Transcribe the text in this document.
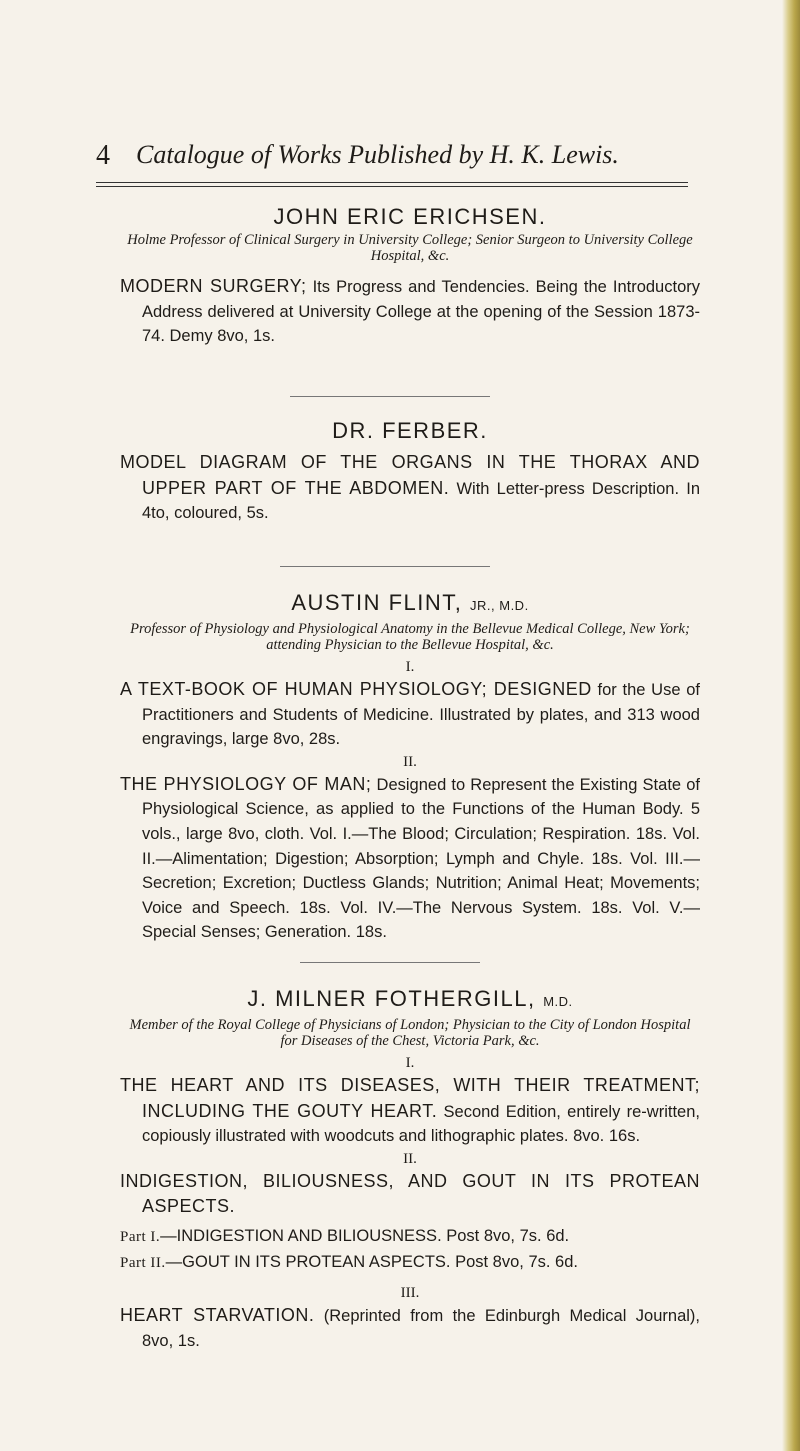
4 Catalogue of Works Published by H. K. Lewis.

JOHN ERIC ERICHSEN.

Holme Professor of Clinical Surgery in University College; Senior Surgeon to University College Hospital, &c.

MODERN SURGERY; Its Progress and Tendencies. Being the Introductory Address delivered at University College at the opening of the Session 1873-74. Demy 8vo, 1s.

DR. FERBER.

MODEL DIAGRAM OF THE ORGANS IN THE THORAX AND UPPER PART OF THE ABDOMEN. With Letter-press Description. In 4to, coloured, 5s.

AUSTIN FLINT, JR., M.D.

Professor of Physiology and Physiological Anatomy in the Bellevue Medical College, New York; attending Physician to the Bellevue Hospital, &c.

I.

A TEXT-BOOK OF HUMAN PHYSIOLOGY; DESIGNED for the Use of Practitioners and Students of Medicine. Illustrated by plates, and 313 wood engravings, large 8vo, 28s.

II.

THE PHYSIOLOGY OF MAN; Designed to Represent the Existing State of Physiological Science, as applied to the Functions of the Human Body. 5 vols., large 8vo, cloth. Vol. I.—The Blood; Circulation; Respiration. 18s. Vol. II.—Alimentation; Digestion; Absorption; Lymph and Chyle. 18s. Vol. III.—Secretion; Excretion; Ductless Glands; Nutrition; Animal Heat; Movements; Voice and Speech. 18s. Vol. IV.—The Nervous System. 18s. Vol. V.—Special Senses; Generation. 18s.

J. MILNER FOTHERGILL, M.D.

Member of the Royal College of Physicians of London; Physician to the City of London Hospital for Diseases of the Chest, Victoria Park, &c.

I.

THE HEART AND ITS DISEASES, WITH THEIR TREATMENT; INCLUDING THE GOUTY HEART. Second Edition, entirely re-written, copiously illustrated with woodcuts and lithographic plates. 8vo. 16s.

II.

INDIGESTION, BILIOUSNESS, AND GOUT IN ITS PROTEAN ASPECTS.

Part I.—INDIGESTION AND BILIOUSNESS. Post 8vo, 7s. 6d.

Part II.—GOUT IN ITS PROTEAN ASPECTS. Post 8vo, 7s. 6d.

III.

HEART STARVATION. (Reprinted from the Edinburgh Medical Journal), 8vo, 1s.
